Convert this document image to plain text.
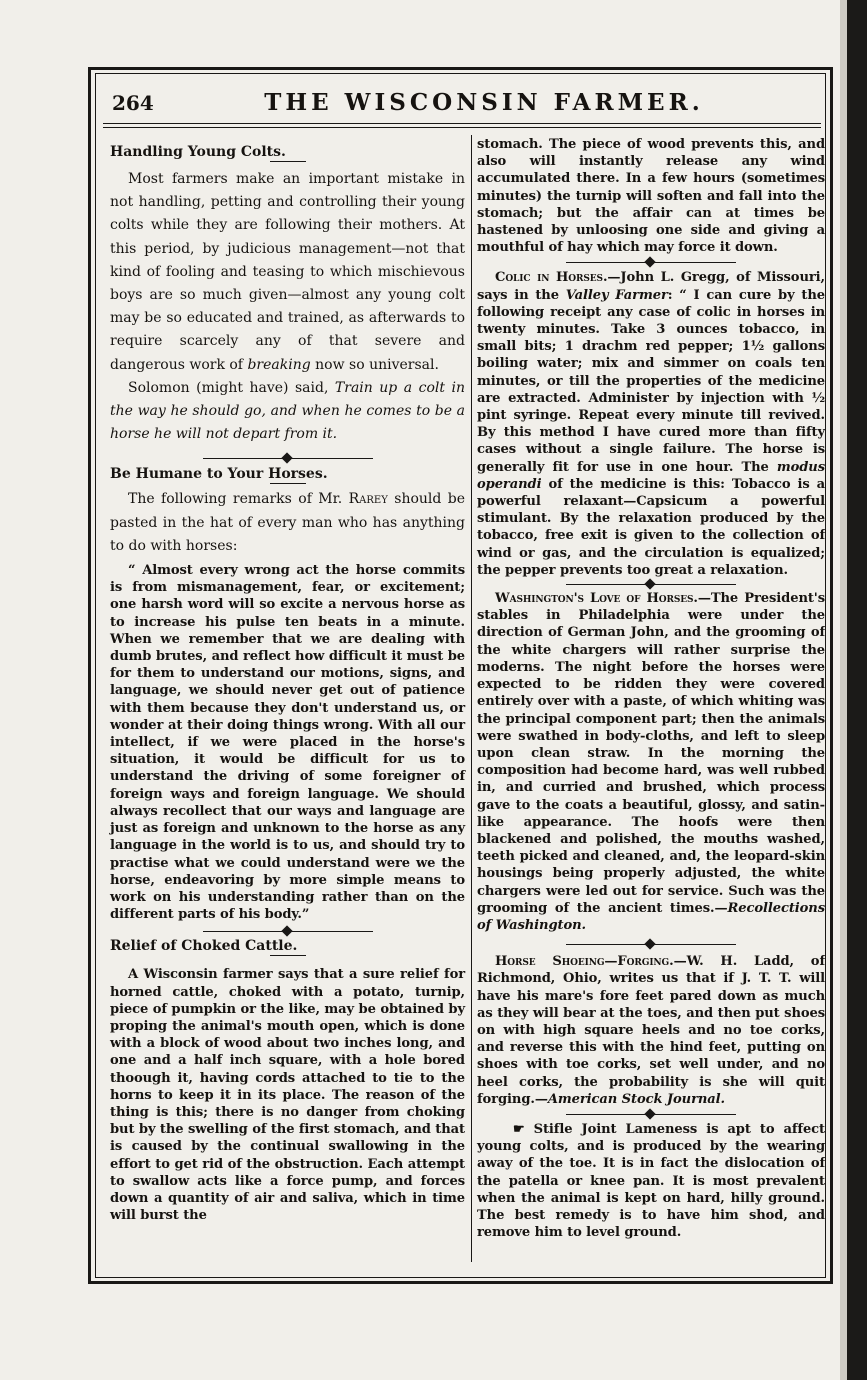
264	THE WISCONSIN FARMER.

Handling Young Colts.

Most farmers make an important mistake in not handling, petting and controlling their young colts while they are following their mothers. At this period, by judicious management—not that kind of fooling and teasing to which mischievous boys are so much given—almost any young colt may be so educated and trained, as afterwards to require scarcely any of that severe and dangerous work of breaking now so universal.

Solomon (might have) said, Train up a colt in the way he should go, and when he comes to be a horse he will not depart from it.

Be Humane to Your Horses.

The following remarks of Mr. Rarey should be pasted in the hat of every man who has anything to do with horses:

“ Almost every wrong act the horse commits is from mismanagement, fear, or excitement; one harsh word will so excite a nervous horse as to increase his pulse ten beats in a minute. When we remember that we are dealing with dumb brutes, and reflect how difficult it must be for them to understand our motions, signs, and language, we should never get out of patience with them because they don't understand us, or wonder at their doing things wrong. With all our intellect, if we were placed in the horse's situation, it would be difficult for us to understand the driving of some foreigner of foreign ways and foreign language. We should always recollect that our ways and language are just as foreign and unknown to the horse as any language in the world is to us, and should try to practise what we could understand were we the horse, endeavoring by more simple means to work on his understanding rather than on the different parts of his body.”

Relief of Choked Cattle.

A Wisconsin farmer says that a sure relief for horned cattle, choked with a potato, turnip, piece of pumpkin or the like, may be obtained by proping the animal's mouth open, which is done with a block of wood about two inches long, and one and a half inch square, with a hole bored thoough it, having cords attached to tie to the horns to keep it in its place. The reason of the thing is this; there is no danger from choking but by the swelling of the first stomach, and that is caused by the continual swallowing in the effort to get rid of the obstruction. Each attempt to swallow acts like a force pump, and forces down a quantity of air and saliva, which in time will burst the

stomach. The piece of wood prevents this, and also will instantly release any wind accumulated there. In a few hours (sometimes minutes) the turnip will soften and fall into the stomach; but the affair can at times be hastened by unloosing one side and giving a mouthful of hay which may force it down.

Colic in Horses.—John L. Gregg, of Missouri, says in the Valley Farmer: “ I can cure by the following receipt any case of colic in horses in twenty minutes. Take 3 ounces tobacco, in small bits; 1 drachm red pepper; 1½ gallons boiling water; mix and simmer on coals ten minutes, or till the properties of the medicine are extracted. Administer by injection with ½ pint syringe. Repeat every minute till revived. By this method I have cured more than fifty cases without a single failure. The horse is generally fit for use in one hour. The modus operandi of the medicine is this: Tobacco is a powerful relaxant—Capsicum a powerful stimulant. By the relaxation produced by the tobacco, free exit is given to the collection of wind or gas, and the circulation is equalized; the pepper prevents too great a relaxation.

Washington's Love of Horses.—The President's stables in Philadelphia were under the direction of German John, and the grooming of the white chargers will rather surprise the moderns. The night before the horses were expected to be ridden they were covered entirely over with a paste, of which whiting was the principal component part; then the animals were swathed in body-cloths, and left to sleep upon clean straw. In the morning the composition had become hard, was well rubbed in, and curried and brushed, which process gave to the coats a beautiful, glossy, and satin-like appearance. The hoofs were then blackened and polished, the mouths washed, teeth picked and cleaned, and, the leopard-skin housings being properly adjusted, the white chargers were led out for service. Such was the grooming of the ancient times.—Recollections of Washington.

Horse Shoeing—Forging.—W. H. Ladd, of Richmond, Ohio, writes us that if J. T. T. will have his mare's fore feet pared down as much as they will bear at the toes, and then put shoes on with high square heels and no toe corks, and reverse this with the hind feet, putting on shoes with toe corks, set well under, and no heel corks, the probability is she will quit forging.—American Stock Journal.

☛ Stifle Joint Lameness is apt to affect young colts, and is produced by the wearing away of the toe. It is in fact the dislocation of the patella or knee pan. It is most prevalent when the animal is kept on hard, hilly ground. The best remedy is to have him shod, and remove him to level ground.
